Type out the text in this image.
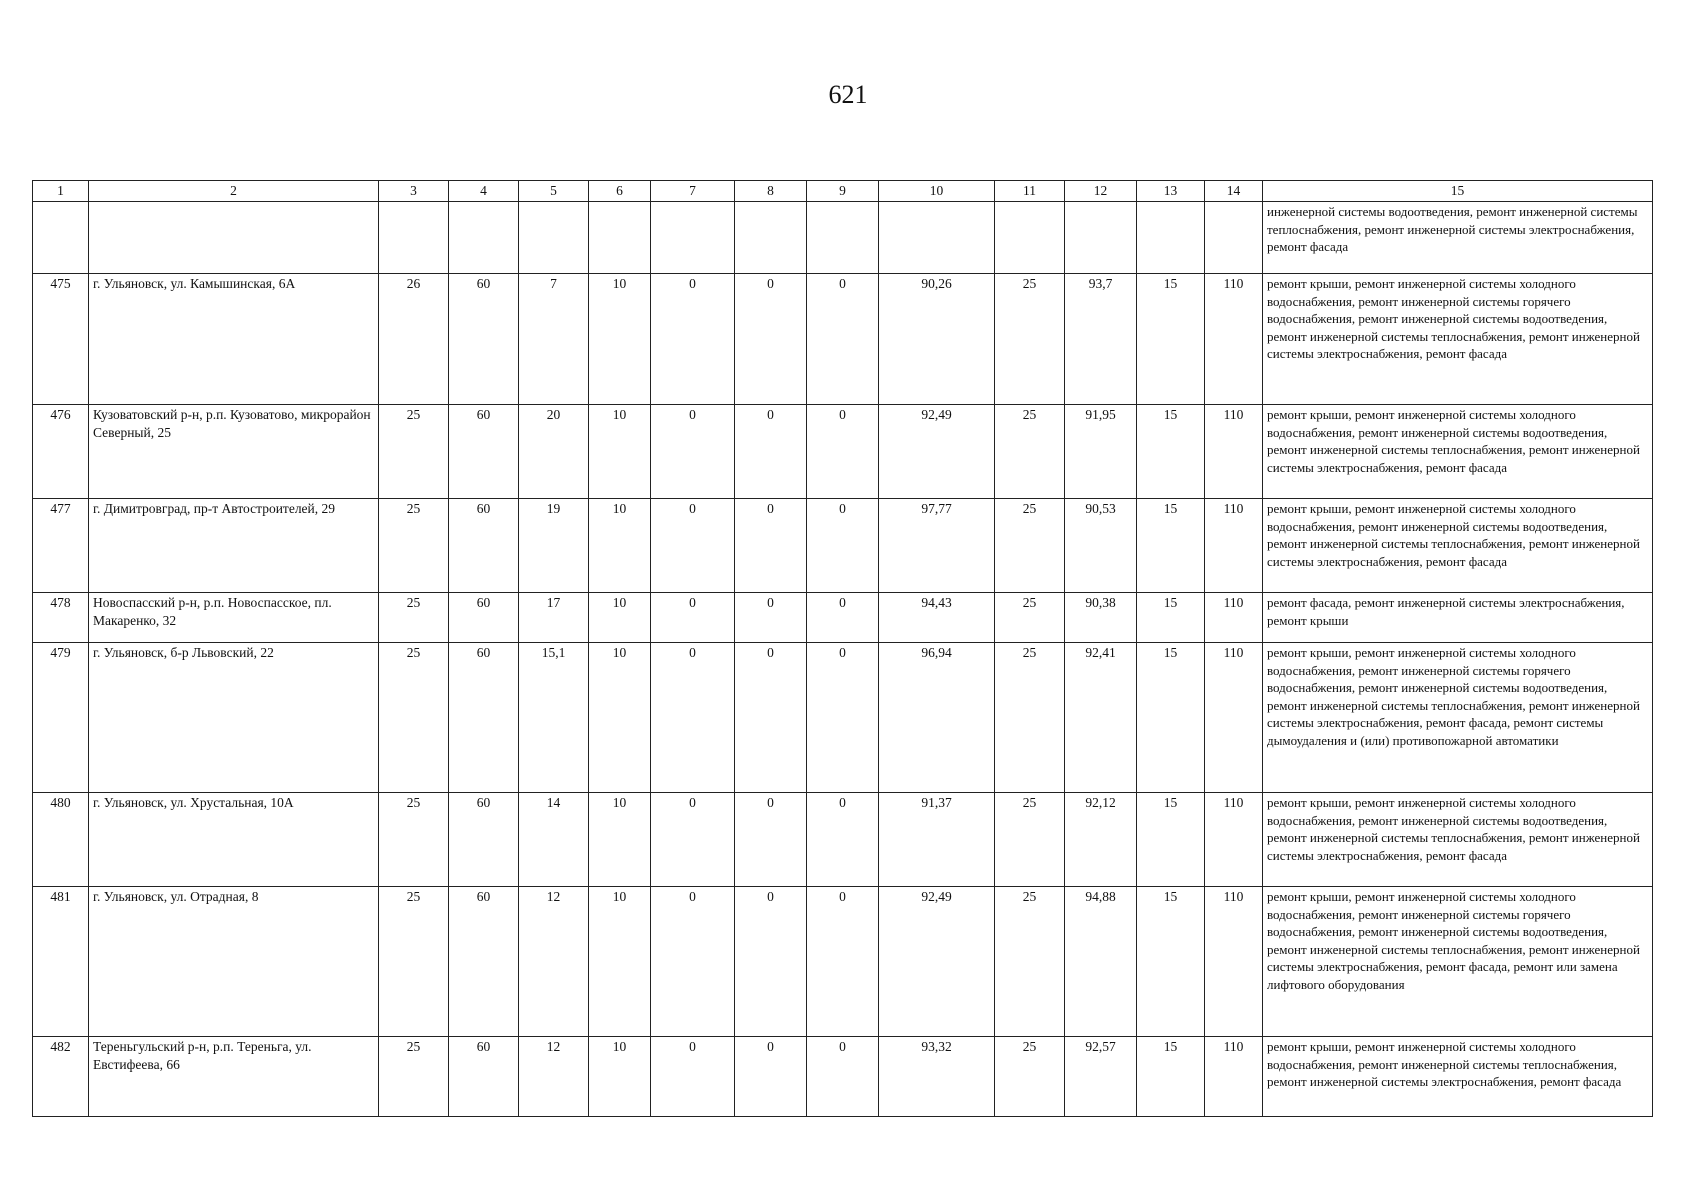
621
1	2	3	4	5	6	7	8	9	10	11	12	13	14	15
														инженерной системы водоотведения, ремонт инженерной системы теплоснабжения, ремонт инженерной системы электроснабжения, ремонт фасада
475	г. Ульяновск, ул. Камышинская, 6А	26	60	7	10	0	0	0	90,26	25	93,7	15	110	ремонт крыши, ремонт инженерной системы холодного водоснабжения, ремонт инженерной системы горячего водоснабжения, ремонт инженерной системы водоотведения, ремонт инженерной системы теплоснабжения, ремонт инженерной системы электроснабжения, ремонт фасада
476	Кузоватовский р-н, р.п. Кузоватово, микрорайон Северный, 25	25	60	20	10	0	0	0	92,49	25	91,95	15	110	ремонт крыши, ремонт инженерной системы холодного водоснабжения, ремонт инженерной системы водоотведения, ремонт инженерной системы теплоснабжения, ремонт инженерной системы электроснабжения, ремонт фасада
477	г. Димитровград, пр-т Автостроителей, 29	25	60	19	10	0	0	0	97,77	25	90,53	15	110	ремонт крыши, ремонт инженерной системы холодного водоснабжения, ремонт инженерной системы водоотведения, ремонт инженерной системы теплоснабжения, ремонт инженерной системы электроснабжения, ремонт фасада
478	Новоспасский р-н, р.п. Новоспасское, пл. Макаренко, 32	25	60	17	10	0	0	0	94,43	25	90,38	15	110	ремонт фасада, ремонт инженерной системы электроснабжения, ремонт крыши
479	г. Ульяновск, б-р Львовский, 22	25	60	15,1	10	0	0	0	96,94	25	92,41	15	110	ремонт крыши, ремонт инженерной системы холодного водоснабжения, ремонт инженерной системы горячего водоснабжения, ремонт инженерной системы водоотведения, ремонт инженерной системы теплоснабжения, ремонт инженерной системы электроснабжения, ремонт фасада, ремонт системы дымоудаления и (или) противопожарной автоматики
480	г. Ульяновск, ул. Хрустальная, 10А	25	60	14	10	0	0	0	91,37	25	92,12	15	110	ремонт крыши, ремонт инженерной системы холодного водоснабжения, ремонт инженерной системы водоотведения, ремонт инженерной системы теплоснабжения, ремонт инженерной системы электроснабжения, ремонт фасада
481	г. Ульяновск, ул. Отрадная, 8	25	60	12	10	0	0	0	92,49	25	94,88	15	110	ремонт крыши, ремонт инженерной системы холодного водоснабжения, ремонт инженерной системы горячего водоснабжения, ремонт инженерной системы водоотведения, ремонт инженерной системы теплоснабжения, ремонт инженерной системы электроснабжения, ремонт фасада, ремонт или замена лифтового оборудования
482	Тереньгульский р-н, р.п. Тереньга, ул. Евстифеева, 66	25	60	12	10	0	0	0	93,32	25	92,57	15	110	ремонт крыши, ремонт инженерной системы холодного водоснабжения, ремонт инженерной системы теплоснабжения, ремонт инженерной системы электроснабжения, ремонт фасада
